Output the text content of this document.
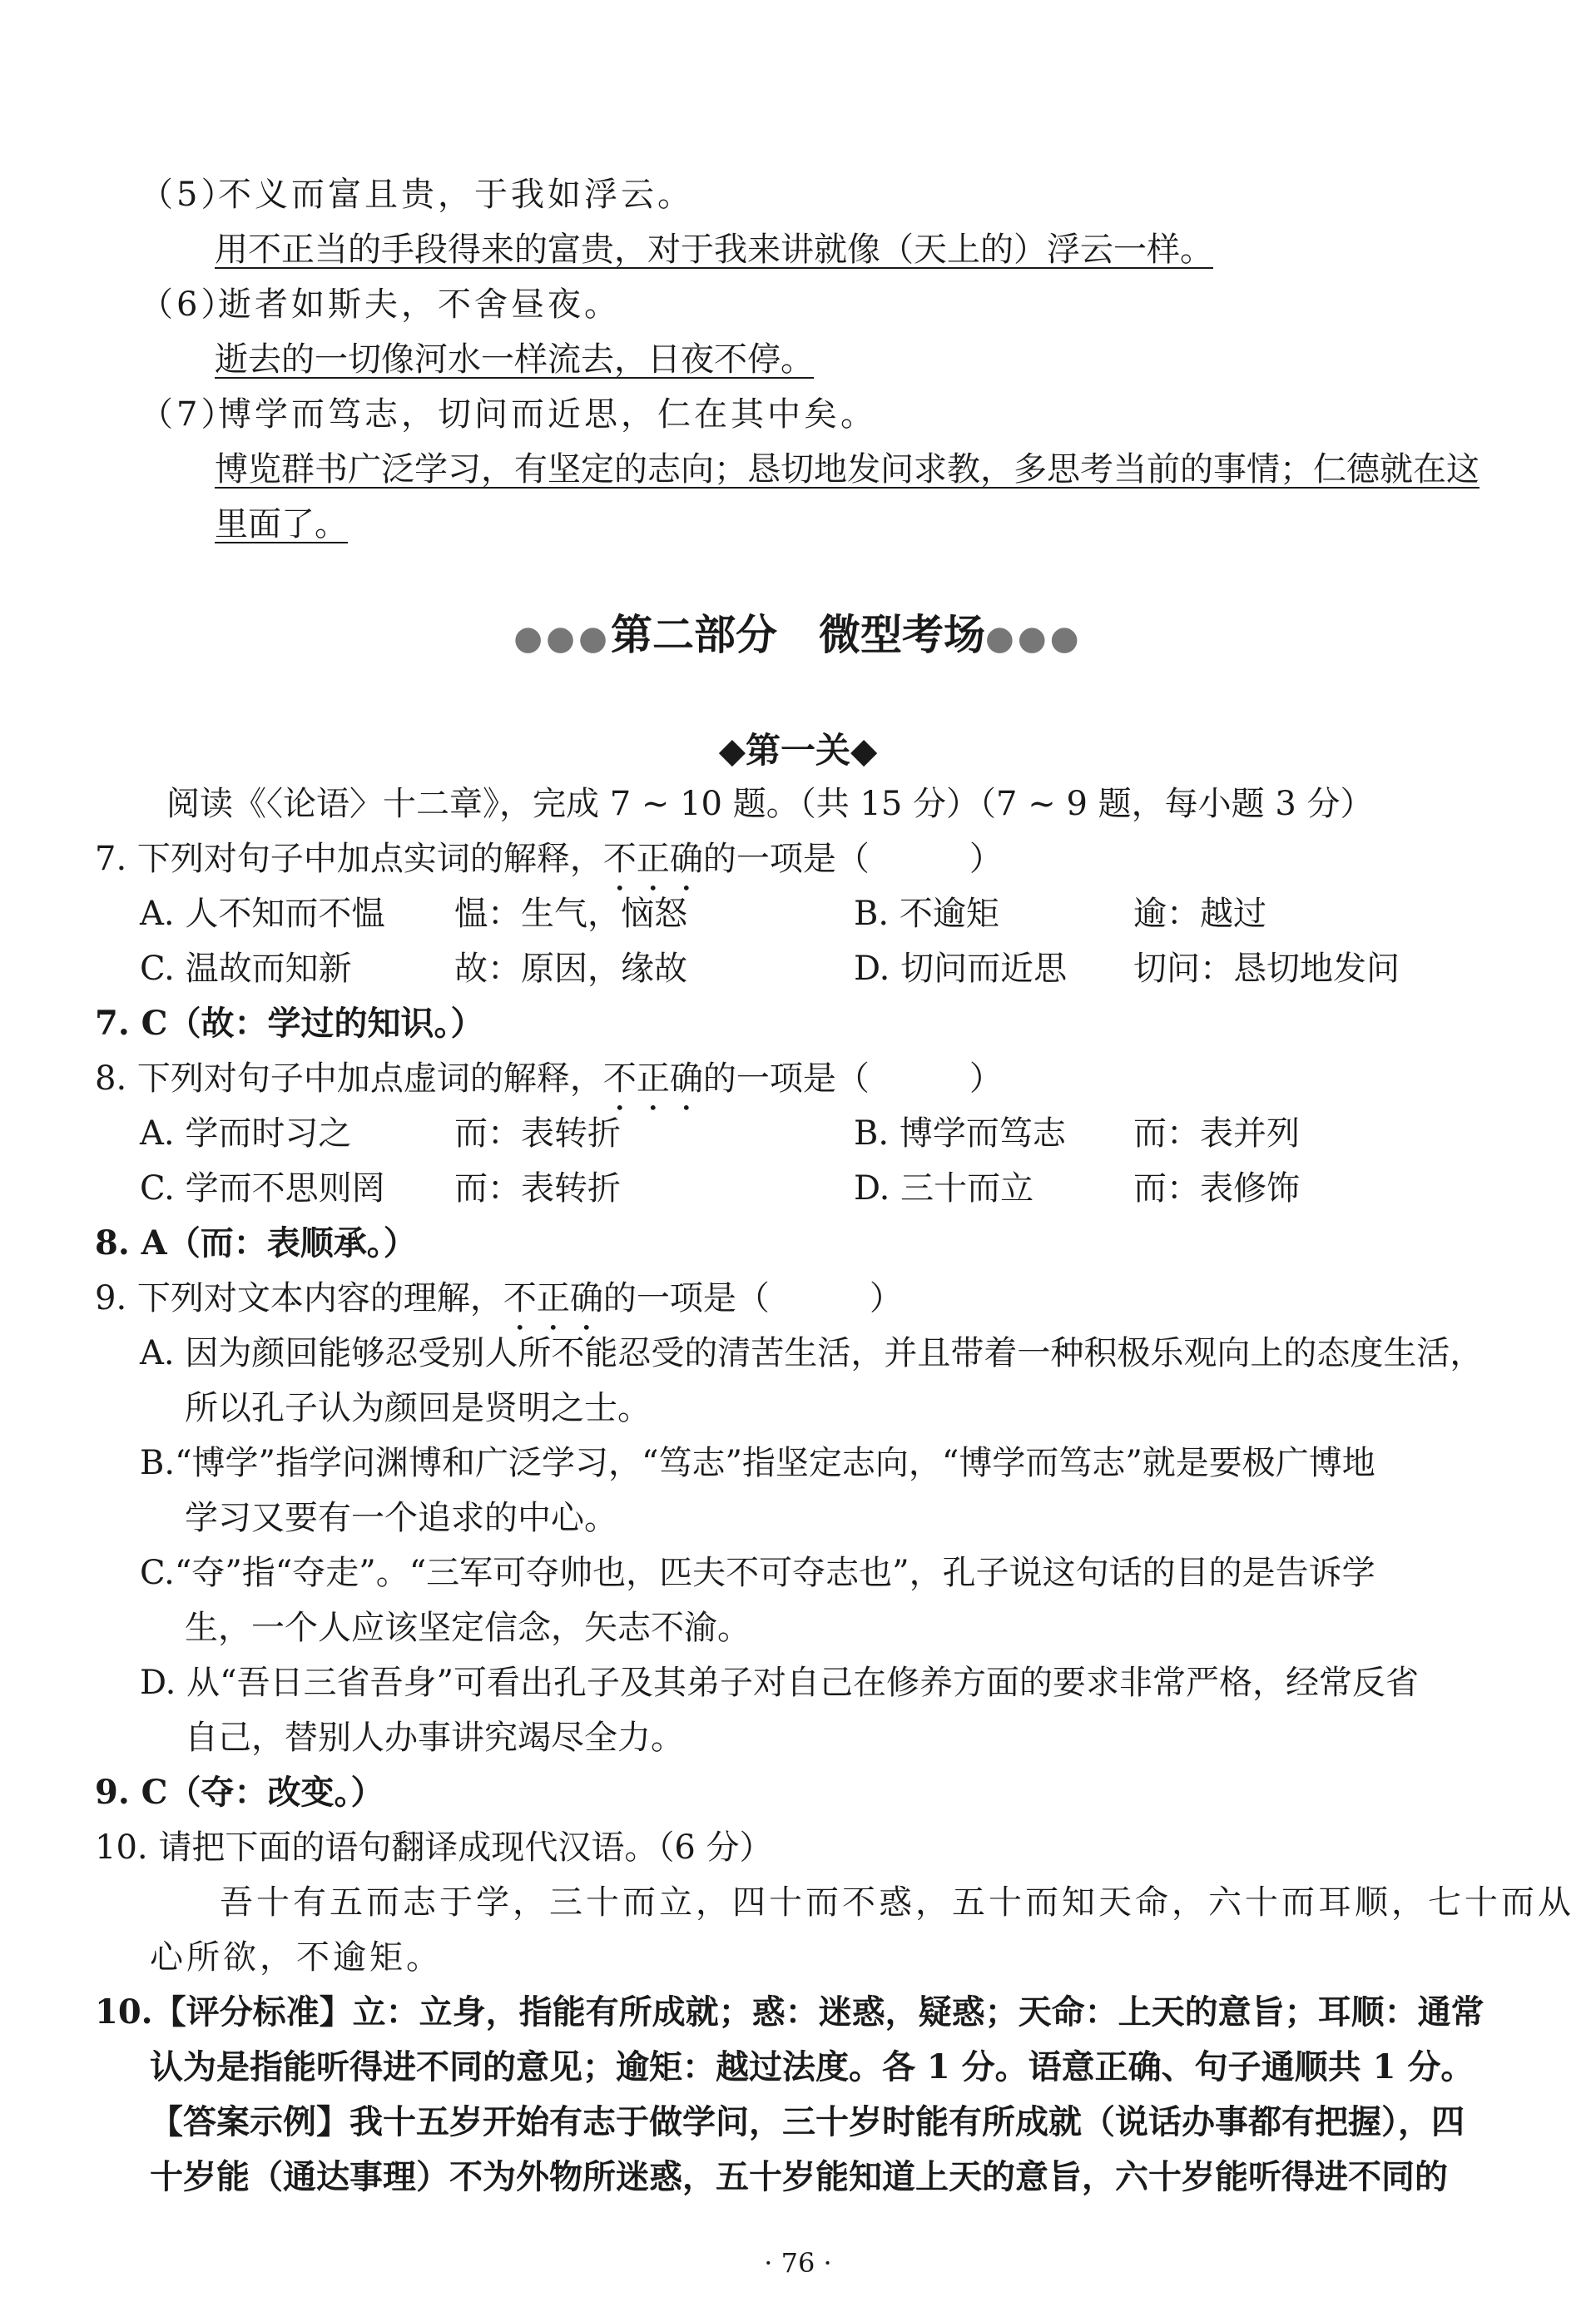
（5）
不义而富且贵，于我如浮云。
用不正当的手段得来的富贵，对于我来讲就像（天上的）浮云一样。
（6）
逝者如斯夫，不舍昼夜。
逝去的一切像河水一样流去，日夜不停。
（7）
博学而笃志，切问而近思，仁在其中矣。
博览群书广泛学习，有坚定的志向；恳切地发问求教，多思考当前的事情；仁德就在这
里面了。
●●●第二部分　微型考场●●●
◆第一关◆
阅读《〈论语〉十二章》，完成 7 ~ 10 题。（共 15 分）（7 ~ 9 题，每小题 3 分）
7. 下列对句子中加点实词的解释，不正确的一项是（　　　）
A. 人不知而不愠 愠：生气，恼怒	B. 不逾矩	逾：越过
C. 温故而知新	故：原因，缘故	D. 切问而近思 切问：恳切地发问
7. C（故：学过的知识。）
8. 下列对句子中加点虚词的解释，不正确的一项是（　　　）
A. 学而时习之	而：表转折	B. 博学而笃志 而：表并列
C. 学而不思则罔 而：表转折	D. 三十而立	而：表修饰
8. A（而：表顺承。）
9. 下列对文本内容的理解，不正确的一项是（　　　）
A. 因为颜回能够忍受别人所不能忍受的清苦生活，并且带着一种积极乐观向上的态度生活，
所以孔子认为颜回是贤明之士。
B.“博学”指学问渊博和广泛学习，“笃志”指坚定志向，“博学而笃志”就是要极广博地
学习又要有一个追求的中心。
C.“夺”指“夺走”。“三军可夺帅也，匹夫不可夺志也”，孔子说这句话的目的是告诉学
生，一个人应该坚定信念，矢志不渝。
D. 从“吾日三省吾身”可看出孔子及其弟子对自己在修养方面的要求非常严格，经常反省
自己，替别人办事讲究竭尽全力。
9. C（夺：改变。）
10. 请把下面的语句翻译成现代汉语。（6 分）
吾十有五而志于学，三十而立，四十而不惑，五十而知天命，六十而耳顺，七十而从
心所欲，不逾矩。
10.【评分标准】立：立身，指能有所成就；惑：迷惑，疑惑；天命：上天的意旨；耳顺：通常
认为是指能听得进不同的意见；逾矩：越过法度。各 1 分。语意正确、句子通顺共 1 分。
【答案示例】我十五岁开始有志于做学问，三十岁时能有所成就（说话办事都有把握），四
十岁能（通达事理）不为外物所迷惑，五十岁能知道上天的意旨，六十岁能听得进不同的
· 76 ·
